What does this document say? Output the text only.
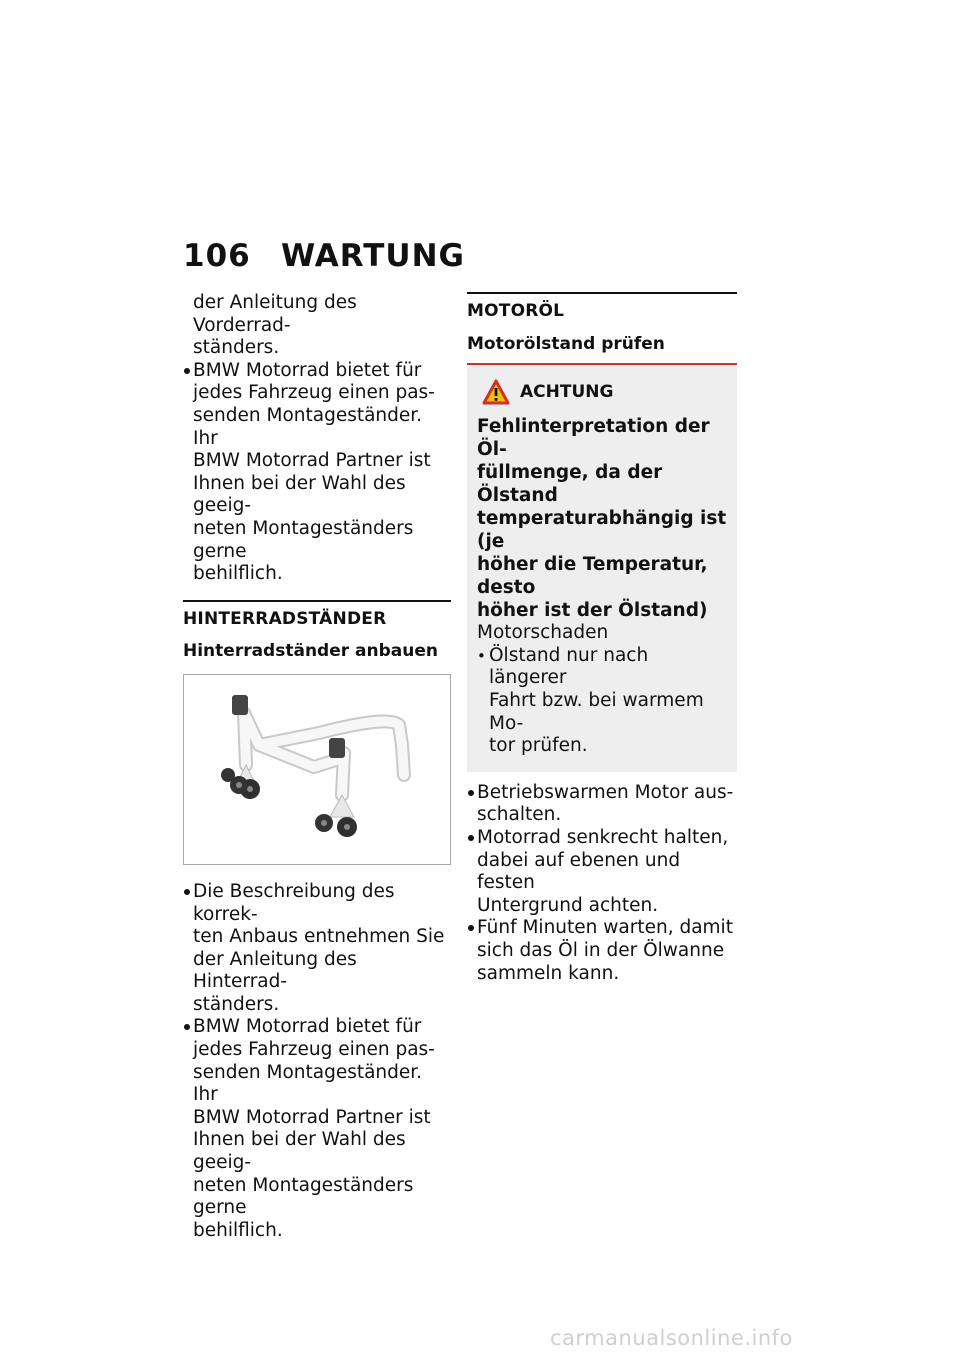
106 WARTUNG
der Anleitung des Vorderrad-
ständers.
BMW Motorrad bietet für
jedes Fahrzeug einen pas-
senden Montageständer. Ihr
BMW Motorrad Partner ist
Ihnen bei der Wahl des geeig-
neten Montageständers gerne
behilflich.
HINTERRADSTÄNDER
Hinterradständer anbauen
Die Beschreibung des korrek-
ten Anbaus entnehmen Sie
der Anleitung des Hinterrad-
ständers.
BMW Motorrad bietet für
jedes Fahrzeug einen pas-
senden Montageständer. Ihr
BMW Motorrad Partner ist
Ihnen bei der Wahl des geeig-
neten Montageständers gerne
behilflich.
MOTORÖL
Motorölstand prüfen
ACHTUNG
Fehlinterpretation der Öl-
füllmenge, da der Ölstand
temperaturabhängig ist (je
höher die Temperatur, desto
höher ist der Ölstand)
Motorschaden
• Ölstand nur nach längerer
Fahrt bzw. bei warmem Mo-
tor prüfen.
Betriebswarmen Motor aus-
schalten.
Motorrad senkrecht halten,
dabei auf ebenen und festen
Untergrund achten.
Fünf Minuten warten, damit
sich das Öl in der Ölwanne
sammeln kann.
carmanualsonline.info
